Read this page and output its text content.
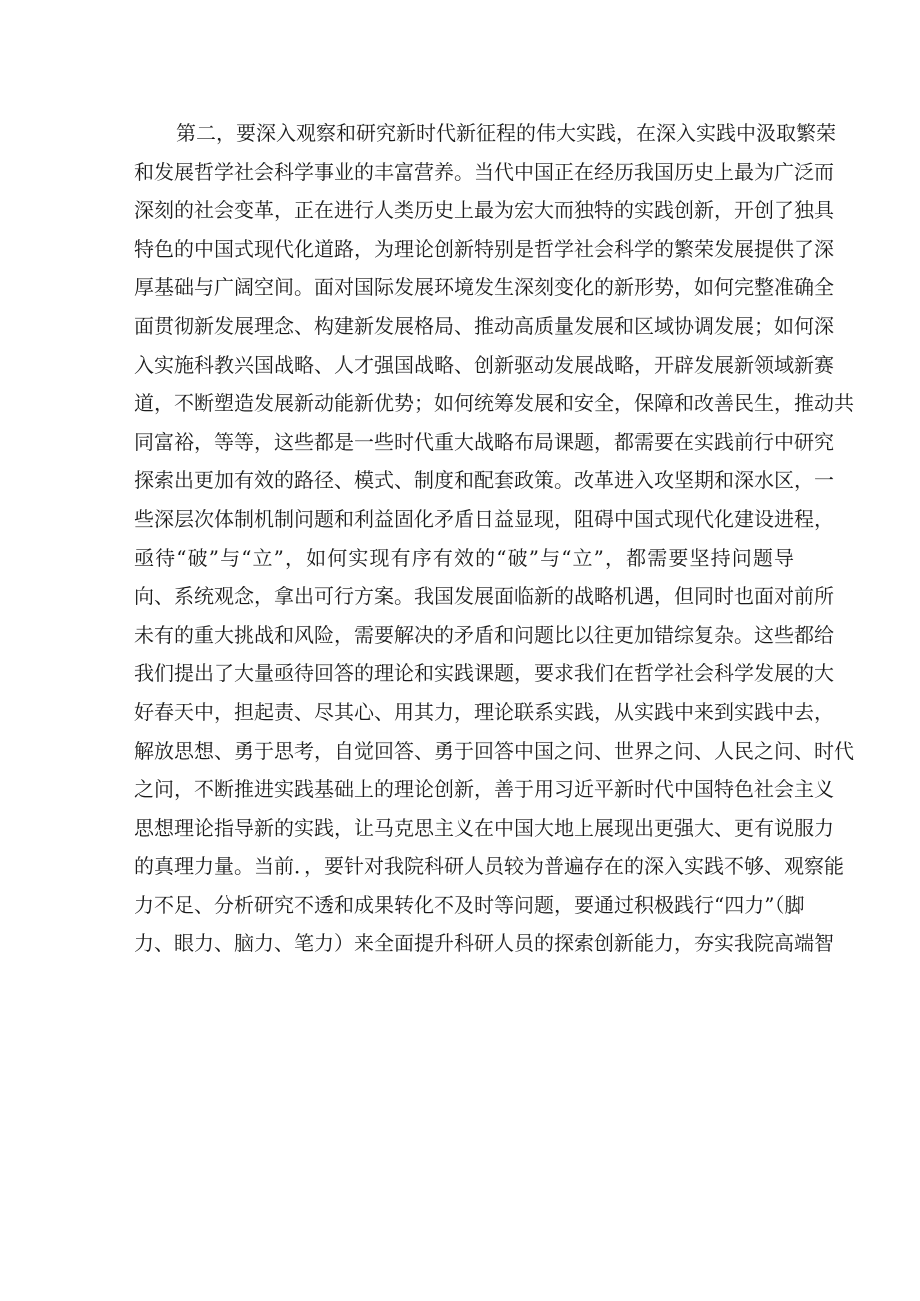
第二，要深入观察和研究新时代新征程的伟大实践，在深入实践中汲取繁荣
和发展哲学社会科学事业的丰富营养。当代中国正在经历我国历史上最为广泛而
深刻的社会变革，正在进行人类历史上最为宏大而独特的实践创新，开创了独具
特色的中国式现代化道路，为理论创新特别是哲学社会科学的繁荣发展提供了深
厚基础与广阔空间。面对国际发展环境发生深刻变化的新形势，如何完整准确全
面贯彻新发展理念、构建新发展格局、推动高质量发展和区域协调发展；如何深
入实施科教兴国战略、人才强国战略、创新驱动发展战略，开辟发展新领域新赛
道，不断塑造发展新动能新优势；如何统筹发展和安全，保障和改善民生，推动共
同富裕，等等，这些都是一些时代重大战略布局课题，都需要在实践前行中研究
探索出更加有效的路径、模式、制度和配套政策。改革进入攻坚期和深水区，一
些深层次体制机制问题和利益固化矛盾日益显现，阻碍中国式现代化建设进程，
亟待“破”与“立”，如何实现有序有效的“破”与“立”，都需要坚持问题导
向、系统观念，拿出可行方案。我国发展面临新的战略机遇，但同时也面对前所
未有的重大挑战和风险，需要解决的矛盾和问题比以往更加错综复杂。这些都给
我们提出了大量亟待回答的理论和实践课题，要求我们在哲学社会科学发展的大
好春天中，担起责、尽其心、用其力，理论联系实践，从实践中来到实践中去，
解放思想、勇于思考，自觉回答、勇于回答中国之问、世界之问、人民之问、时代
之问，不断推进实践基础上的理论创新，善于用习近平新时代中国特色社会主义
思想理论指导新的实践，让马克思主义在中国大地上展现出更强大、更有说服力
的真理力量。当前．，要针对我院科研人员较为普遍存在的深入实践不够、观察能
力不足、分析研究不透和成果转化不及时等问题，要通过积极践行“四力”（脚
力、眼力、脑力、笔力）来全面提升科研人员的探索创新能力，夯实我院高端智
